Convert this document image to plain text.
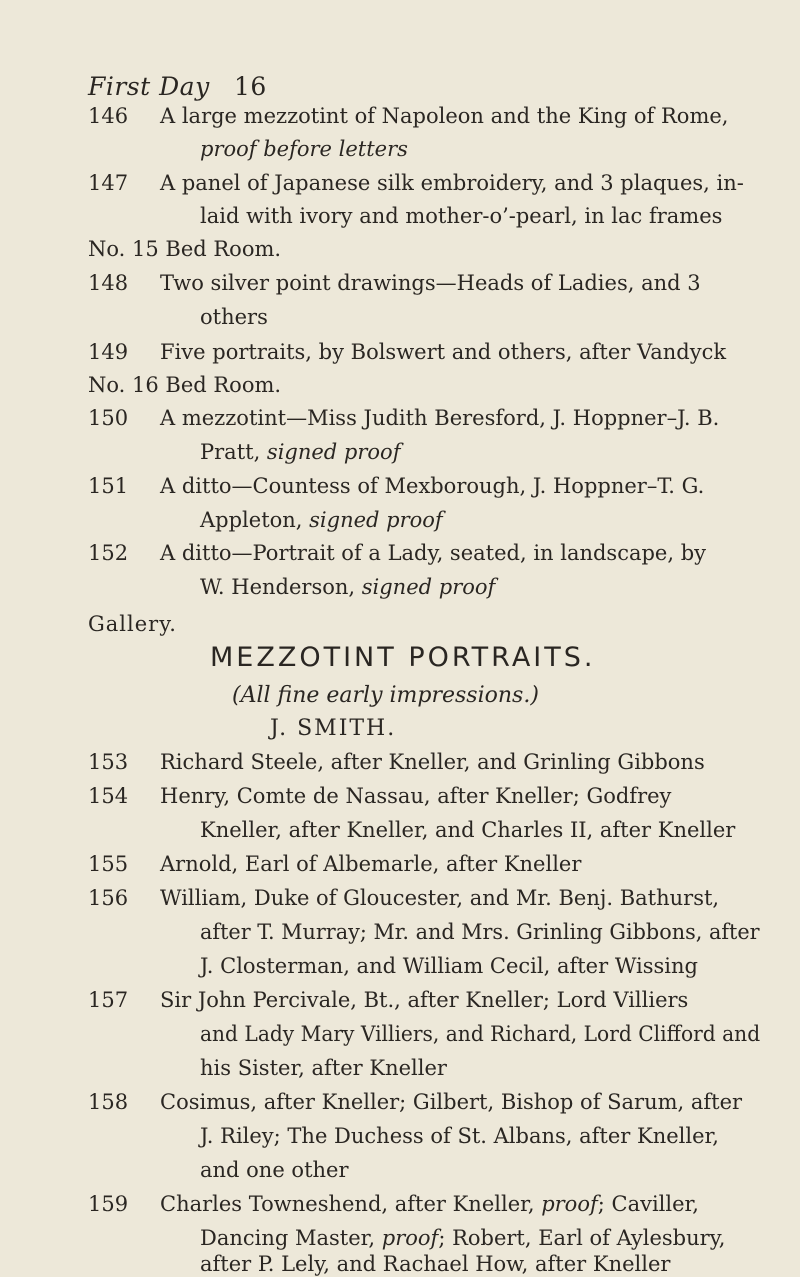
First Day 16
146 A large mezzotint of Napoleon and the King of Rome,
proof before letters
147 A panel of Japanese silk embroidery, and 3 plaques, in-
laid with ivory and mother-o’-pearl, in lac frames
No. 15 Bed Room.
148 Two silver point drawings—Heads of Ladies, and 3
others
149 Five portraits, by Bolswert and others, after Vandyck
No. 16 Bed Room.
150 A mezzotint—Miss Judith Beresford, J. Hoppner–J. B.
Pratt, signed proof
151 A ditto—Countess of Mexborough, J. Hoppner–T. G.
Appleton, signed proof
152 A ditto—Portrait of a Lady, seated, in landscape, by
W. Henderson, signed proof
Gallery.
MEZZOTINT PORTRAITS.
(All fine early impressions.)
J. SMITH.
153 Richard Steele, after Kneller, and Grinling Gibbons
154 Henry, Comte de Nassau, after Kneller; Godfrey
Kneller, after Kneller, and Charles II, after Kneller
155 Arnold, Earl of Albemarle, after Kneller
156 William, Duke of Gloucester, and Mr. Benj. Bathurst,
after T. Murray; Mr. and Mrs. Grinling Gibbons, after
J. Closterman, and William Cecil, after Wissing
157 Sir John Percivale, Bt., after Kneller; Lord Villiers
and Lady Mary Villiers, and Richard, Lord Clifford and
his Sister, after Kneller
158 Cosimus, after Kneller; Gilbert, Bishop of Sarum, after
J. Riley; The Duchess of St. Albans, after Kneller,
and one other
159 Charles Towneshend, after Kneller, proof; Caviller,
Dancing Master, proof; Robert, Earl of Aylesbury,
after P. Lely, and Rachael How, after Kneller
